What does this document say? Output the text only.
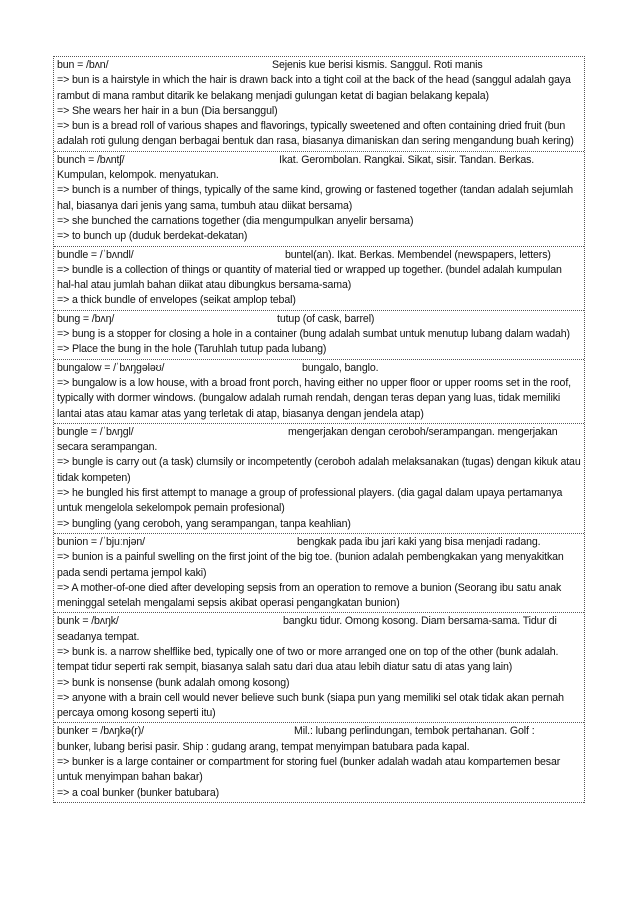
bun = /bʌn/	Sejenis kue berisi kismis. Sanggul. Roti manis
=> bun is a hairstyle in which the hair is drawn back into a tight coil at the back of the head (sanggul adalah gaya rambut di mana rambut ditarik ke belakang menjadi gulungan ketat di bagian belakang kepala)
=> She wears her hair in a bun (Dia bersanggul)
=> bun is a bread roll of various shapes and flavorings, typically sweetened and often containing dried fruit (bun adalah roti gulung dengan berbagai bentuk dan rasa, biasanya dimaniskan dan sering mengandung buah kering)
bunch = /bʌntʃ/	Ikat. Gerombolan. Rangkai. Sikat, sisir. Tandan. Berkas.
Kumpulan, kelompok. menyatukan.
=> bunch is a number of things, typically of the same kind, growing or fastened together (tandan adalah sejumlah hal, biasanya dari jenis yang sama, tumbuh atau diikat bersama)
=> she bunched the carnations together (dia mengumpulkan anyelir bersama)
=> to bunch up (duduk berdekat-dekatan)
bundle = /ˈbʌndl/	buntel(an). Ikat. Berkas. Membendel (newspapers, letters)
=> bundle is a collection of things or quantity of material tied or wrapped up together. (bundel adalah kumpulan hal-hal atau jumlah bahan diikat atau dibungkus bersama-sama)
=> a thick bundle of envelopes (seikat amplop tebal)
bung = /bʌŋ/	tutup (of cask, barrel)
=> bung is a stopper for closing a hole in a container (bung adalah sumbat untuk menutup lubang dalam wadah)
=> Place the bung in the hole (Taruhlah tutup pada lubang)
bungalow = /ˈbʌŋɡələʊ/	bungalo, banglo.
=> bungalow is a low house, with a broad front porch, having either no upper floor or upper rooms set in the roof, typically with dormer windows. (bungalow adalah rumah rendah, dengan teras depan yang luas, tidak memiliki lantai atas atau kamar atas yang terletak di atap, biasanya dengan jendela atap)
bungle = /ˈbʌŋɡl/	mengerjakan dengan ceroboh/serampangan. mengerjakan
secara serampangan.
=> bungle is carry out (a task) clumsily or incompetently (ceroboh adalah melaksanakan (tugas) dengan kikuk atau tidak kompeten)
=> he bungled his first attempt to manage a group of professional players. (dia gagal dalam upaya pertamanya untuk mengelola sekelompok pemain profesional)
=> bungling (yang ceroboh, yang serampangan, tanpa keahlian)
bunion = /ˈbjuːnjən/	bengkak pada ibu jari kaki yang bisa menjadi radang.
=> bunion is a painful swelling on the first joint of the big toe. (bunion adalah pembengkakan yang menyakitkan pada sendi pertama jempol kaki)
=> A mother-of-one died after developing sepsis from an operation to remove a bunion (Seorang ibu satu anak meninggal setelah mengalami sepsis akibat operasi pengangkatan bunion)
bunk = /bʌŋk/	bangku tidur. Omong kosong. Diam bersama-sama. Tidur di
seadanya tempat.
=> bunk is. a narrow shelflike bed, typically one of two or more arranged one on top of the other (bunk adalah. tempat tidur seperti rak sempit, biasanya salah satu dari dua atau lebih diatur satu di atas yang lain)
=> bunk is nonsense (bunk adalah omong kosong)
=> anyone with a brain cell would never believe such bunk (siapa pun yang memiliki sel otak tidak akan pernah percaya omong kosong seperti itu)
bunker = /bʌŋkə(r)/	Mil.: lubang perlindungan, tembok pertahanan. Golf :
bunker, lubang berisi pasir. Ship : gudang arang, tempat menyimpan batubara pada kapal.
=> bunker is a large container or compartment for storing fuel (bunker adalah wadah atau kompartemen besar untuk menyimpan bahan bakar)
=> a coal bunker (bunker batubara)
